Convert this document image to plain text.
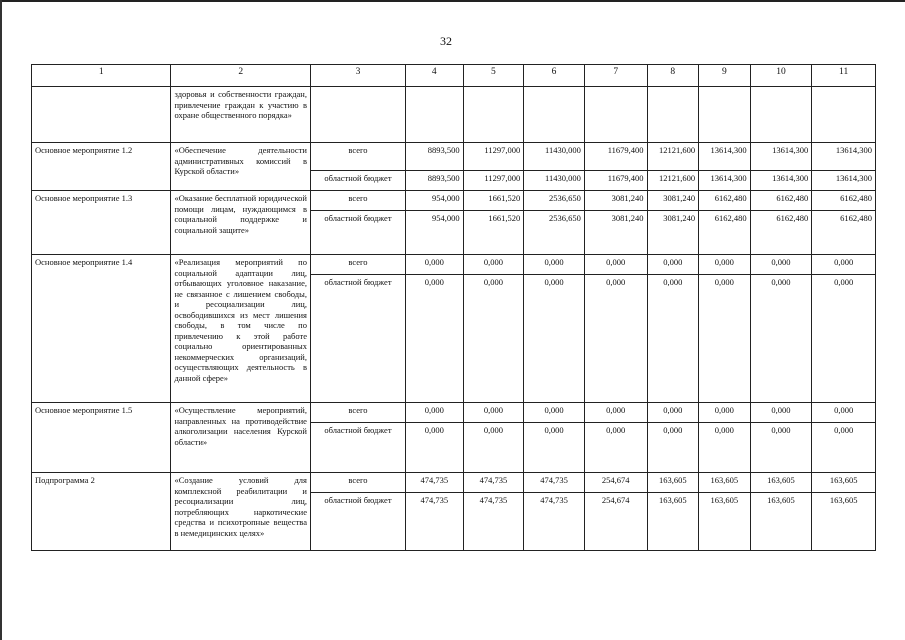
32
1	2	3	4	5	6	7	8	9	10	11
	здоровья и собственности граждан, привлечение граждан к участию в охране общественного порядка»									
Основное мероприятие 1.2	«Обеспечение деятельности административных комиссий в Курской области»	всего	8893,500	11297,000	11430,000	11679,400	12121,600	13614,300	13614,300	13614,300
		областной бюджет	8893,500	11297,000	11430,000	11679,400	12121,600	13614,300	13614,300	13614,300
Основное мероприятие 1.3	«Оказание бесплатной юридической помощи лицам, нуждающимся в социальной поддержке и социальной защите»	всего	954,000	1661,520	2536,650	3081,240	3081,240	6162,480	6162,480	6162,480
		областной бюджет	954,000	1661,520	2536,650	3081,240	3081,240	6162,480	6162,480	6162,480
Основное мероприятие 1.4	«Реализация мероприятий по социальной адаптации лиц, отбывающих уголовное наказание, не связанное с лишением свободы, и ресоциализации лиц, освободившихся из мест лишения свободы, в том числе по привлечению к этой работе социально ориентированных некоммерческих организаций, осуществляющих деятельность в данной сфере»	всего	0,000	0,000	0,000	0,000	0,000	0,000	0,000	0,000
		областной бюджет	0,000	0,000	0,000	0,000	0,000	0,000	0,000	0,000
Основное мероприятие 1.5	«Осуществление мероприятий, направленных на противодействие алкоголизации населения Курской области»	всего	0,000	0,000	0,000	0,000	0,000	0,000	0,000	0,000
		областной бюджет	0,000	0,000	0,000	0,000	0,000	0,000	0,000	0,000
Подпрограмма 2	«Создание условий для комплексной реабилитации и ресоциализации лиц, потребляющих наркотические средства и психотропные вещества в немедицинских целях»	всего	474,735	474,735	474,735	254,674	163,605	163,605	163,605	163,605
		областной бюджет	474,735	474,735	474,735	254,674	163,605	163,605	163,605	163,605
